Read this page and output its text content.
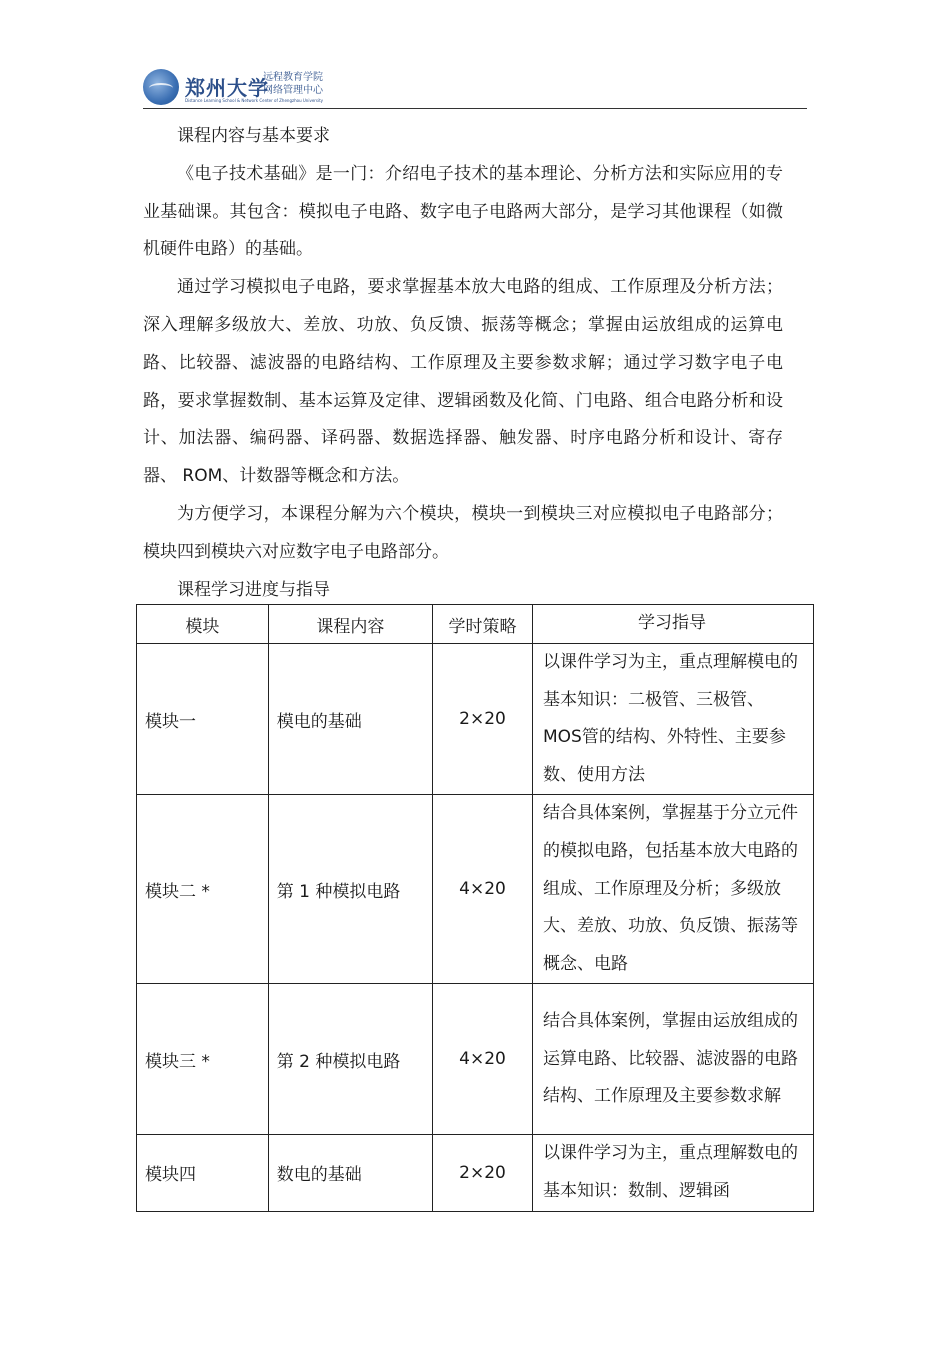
郑州大学
远程教育学院
网络管理中心
Distance Learning School & Network Center of Zhengzhou University

课程内容与基本要求

《电子技术基础》是一门：介绍电子技术的基本理论、分析方法和实际应用的专业基础课。其包含：模拟电子电路、数字电子电路两大部分，是学习其他课程（如微机硬件电路）的基础。

通过学习模拟电子电路，要求掌握基本放大电路的组成、工作原理及分析方法；深入理解多级放大、差放、功放、负反馈、振荡等概念；掌握由运放组成的运算电路、比较器、滤波器的电路结构、工作原理及主要参数求解；通过学习数字电子电路，要求掌握数制、基本运算及定律、逻辑函数及化简、门电路、组合电路分析和设计、加法器、编码器、译码器、数据选择器、触发器、时序电路分析和设计、寄存器、 ROM、计数器等概念和方法。

为方便学习，本课程分解为六个模块，模块一到模块三对应模拟电子电路部分；模块四到模块六对应数字电子电路部分。

课程学习进度与指导

模块	课程内容	学时策略	学习指导
模块一	模电的基础	2×20	以课件学习为主，重点理解模电的基本知识：二极管、三极管、MOS管的结构、外特性、主要参数、使用方法
模块二 *	第 1 种模拟电路	4×20	结合具体案例，掌握基于分立元件的模拟电路，包括基本放大电路的组成、工作原理及分析；多级放大、差放、功放、负反馈、振荡等概念、电路
模块三 *	第 2 种模拟电路	4×20	结合具体案例，掌握由运放组成的运算电路、比较器、滤波器的电路结构、工作原理及主要参数求解
模块四	数电的基础	2×20	以课件学习为主，重点理解数电的基本知识：数制、逻辑函
